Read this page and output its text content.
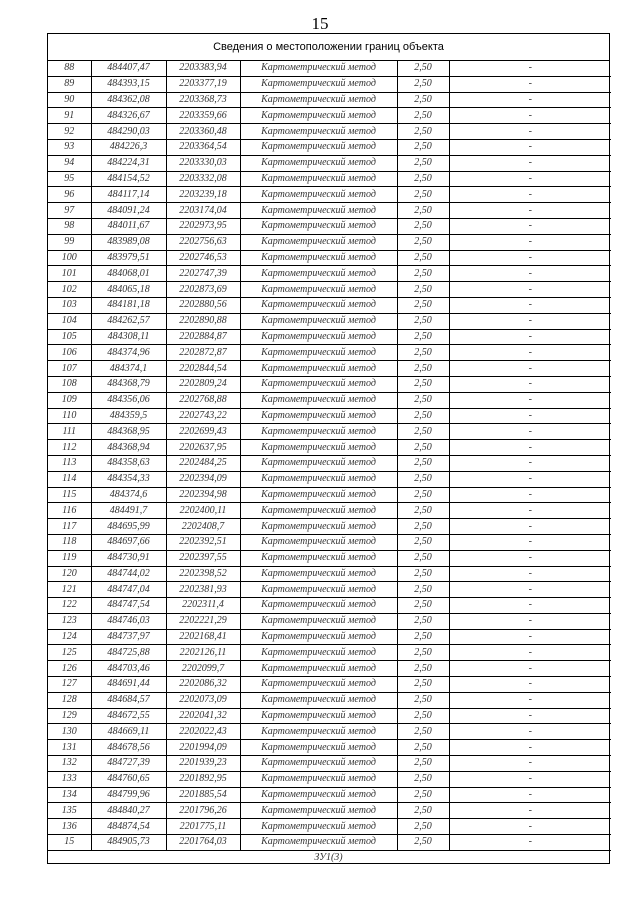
15
Сведения о местоположении границ объекта
88	484407,47	2203383,94	Картометрический метод	2,50	-
89	484393,15	2203377,19	Картометрический метод	2,50	-
90	484362,08	2203368,73	Картометрический метод	2,50	-
91	484326,67	2203359,66	Картометрический метод	2,50	-
92	484290,03	2203360,48	Картометрический метод	2,50	-
93	484226,3	2203364,54	Картометрический метод	2,50	-
94	484224,31	2203330,03	Картометрический метод	2,50	-
95	484154,52	2203332,08	Картометрический метод	2,50	-
96	484117,14	2203239,18	Картометрический метод	2,50	-
97	484091,24	2203174,04	Картометрический метод	2,50	-
98	484011,67	2202973,95	Картометрический метод	2,50	-
99	483989,08	2202756,63	Картометрический метод	2,50	-
100	483979,51	2202746,53	Картометрический метод	2,50	-
101	484068,01	2202747,39	Картометрический метод	2,50	-
102	484065,18	2202873,69	Картометрический метод	2,50	-
103	484181,18	2202880,56	Картометрический метод	2,50	-
104	484262,57	2202890,88	Картометрический метод	2,50	-
105	484308,11	2202884,87	Картометрический метод	2,50	-
106	484374,96	2202872,87	Картометрический метод	2,50	-
107	484374,1	2202844,54	Картометрический метод	2,50	-
108	484368,79	2202809,24	Картометрический метод	2,50	-
109	484356,06	2202768,88	Картометрический метод	2,50	-
110	484359,5	2202743,22	Картометрический метод	2,50	-
111	484368,95	2202699,43	Картометрический метод	2,50	-
112	484368,94	2202637,95	Картометрический метод	2,50	-
113	484358,63	2202484,25	Картометрический метод	2,50	-
114	484354,33	2202394,09	Картометрический метод	2,50	-
115	484374,6	2202394,98	Картометрический метод	2,50	-
116	484491,7	2202400,11	Картометрический метод	2,50	-
117	484695,99	2202408,7	Картометрический метод	2,50	-
118	484697,66	2202392,51	Картометрический метод	2,50	-
119	484730,91	2202397,55	Картометрический метод	2,50	-
120	484744,02	2202398,52	Картометрический метод	2,50	-
121	484747,04	2202381,93	Картометрический метод	2,50	-
122	484747,54	2202311,4	Картометрический метод	2,50	-
123	484746,03	2202221,29	Картометрический метод	2,50	-
124	484737,97	2202168,41	Картометрический метод	2,50	-
125	484725,88	2202126,11	Картометрический метод	2,50	-
126	484703,46	2202099,7	Картометрический метод	2,50	-
127	484691,44	2202086,32	Картометрический метод	2,50	-
128	484684,57	2202073,09	Картометрический метод	2,50	-
129	484672,55	2202041,32	Картометрический метод	2,50	-
130	484669,11	2202022,43	Картометрический метод	2,50	-
131	484678,56	2201994,09	Картометрический метод	2,50	-
132	484727,39	2201939,23	Картометрический метод	2,50	-
133	484760,65	2201892,95	Картометрический метод	2,50	-
134	484799,96	2201885,54	Картометрический метод	2,50	-
135	484840,27	2201796,26	Картометрический метод	2,50	-
136	484874,54	2201775,11	Картометрический метод	2,50	-
15	484905,73	2201764,03	Картометрический метод	2,50	-
ЗУ1(3)
